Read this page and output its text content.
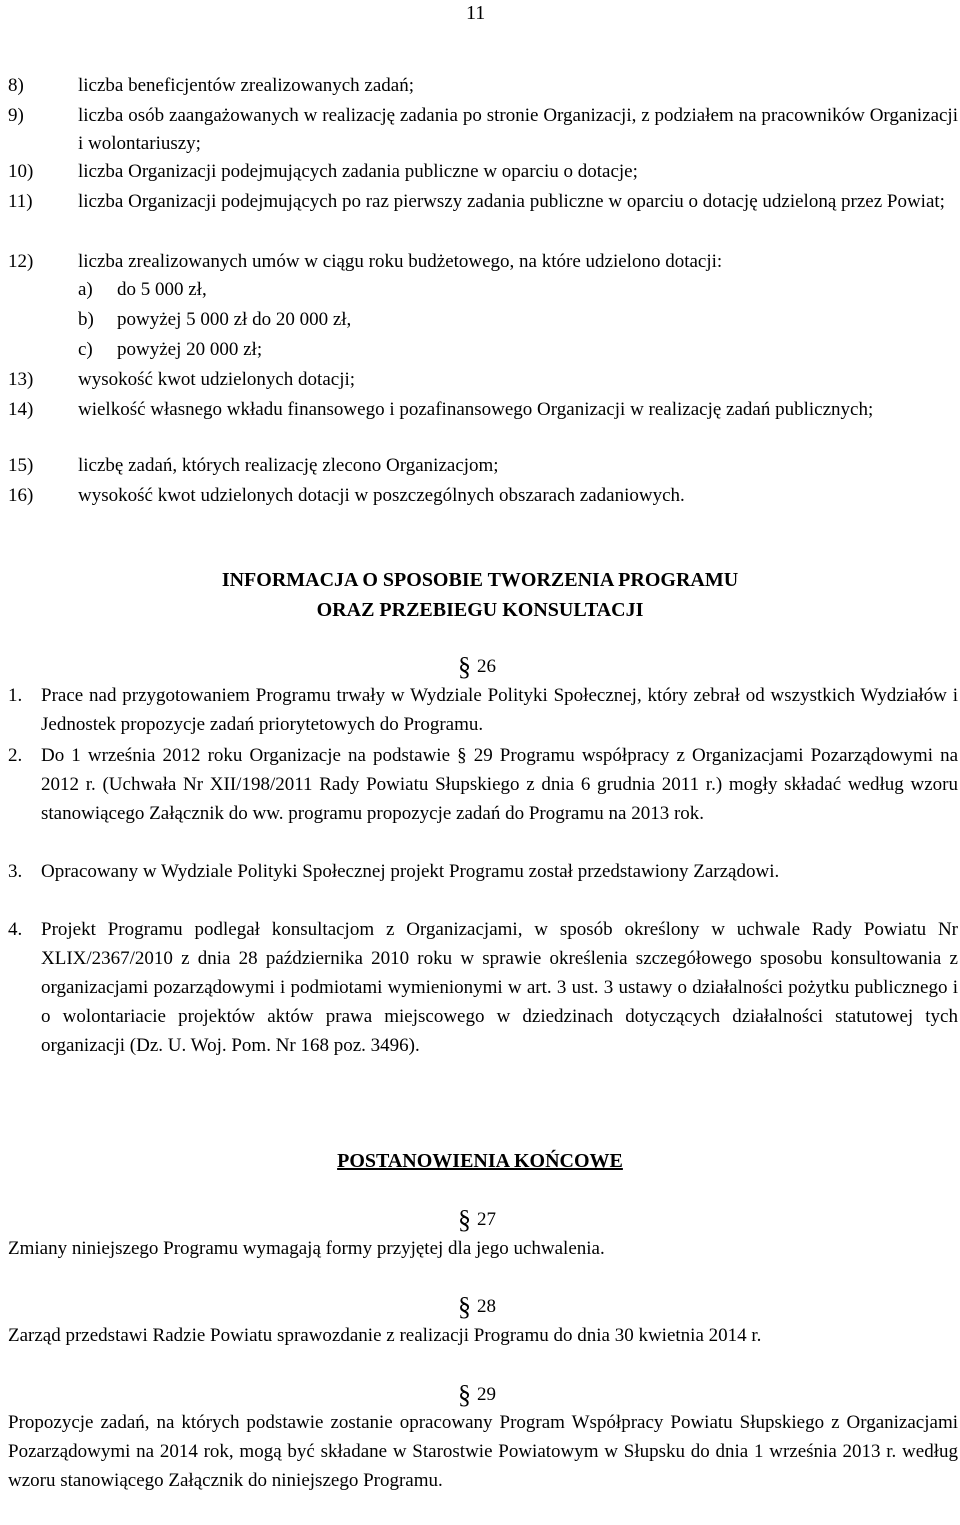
11
8)	liczba beneficjentów zrealizowanych zadań;
9)	liczba osób zaangażowanych w realizację zadania po stronie Organizacji, z podziałem na pracowników Organizacji i wolontariuszy;
10) liczba Organizacji podejmujących zadania publiczne w oparciu o dotacje;
11) liczba Organizacji podejmujących po raz pierwszy zadania publiczne w oparciu o dotację udzieloną przez Powiat;
12) liczba zrealizowanych umów w ciągu roku budżetowego, na które udzielono dotacji:
a) do 5 000 zł,
b) powyżej 5 000 zł do 20 000 zł,
c) powyżej 20 000 zł;
13) wysokość kwot udzielonych dotacji;
14) wielkość własnego wkładu finansowego i pozafinansowego Organizacji w realizację zadań publicznych;
15) liczbę zadań, których realizację zlecono Organizacjom;
16) wysokość kwot udzielonych dotacji w poszczególnych obszarach zadaniowych.
INFORMACJA O SPOSOBIE TWORZENIA PROGRAMU
ORAZ PRZEBIEGU KONSULTACJI
§ 26
1. Prace nad przygotowaniem Programu trwały w Wydziale Polityki Społecznej, który zebrał od wszystkich Wydziałów i Jednostek propozycje zadań priorytetowych do Programu.
2. Do 1 września 2012 roku Organizacje na podstawie § 29 Programu współpracy z Organizacjami Pozarządowymi na 2012 r. (Uchwała Nr XII/198/2011 Rady Powiatu Słupskiego z dnia 6 grudnia 2011 r.) mogły składać według wzoru stanowiącego Załącznik do ww. programu propozycje zadań do Programu na 2013 rok.
3. Opracowany w Wydziale Polityki Społecznej projekt Programu został przedstawiony Zarządowi.
4. Projekt Programu podlegał konsultacjom z Organizacjami, w sposób określony w uchwale Rady Powiatu Nr XLIX/2367/2010 z dnia 28 października 2010 roku w sprawie określenia szczegółowego sposobu konsultowania z organizacjami pozarządowymi i podmiotami wymienionymi w art. 3 ust. 3 ustawy o działalności pożytku publicznego i o wolontariacie projektów aktów prawa miejscowego w dziedzinach dotyczących działalności statutowej tych organizacji (Dz. U. Woj. Pom. Nr 168 poz. 3496).
POSTANOWIENIA KOŃCOWE
§ 27
Zmiany niniejszego Programu wymagają formy przyjętej dla jego uchwalenia.
§ 28
Zarząd przedstawi Radzie Powiatu sprawozdanie z realizacji Programu do dnia 30 kwietnia 2014 r.
§ 29
Propozycje zadań, na których podstawie zostanie opracowany Program Współpracy Powiatu Słupskiego z Organizacjami Pozarządowymi na 2014 rok, mogą być składane w Starostwie Powiatowym w Słupsku do dnia 1 września 2013 r. według wzoru stanowiącego Załącznik do niniejszego Programu.
